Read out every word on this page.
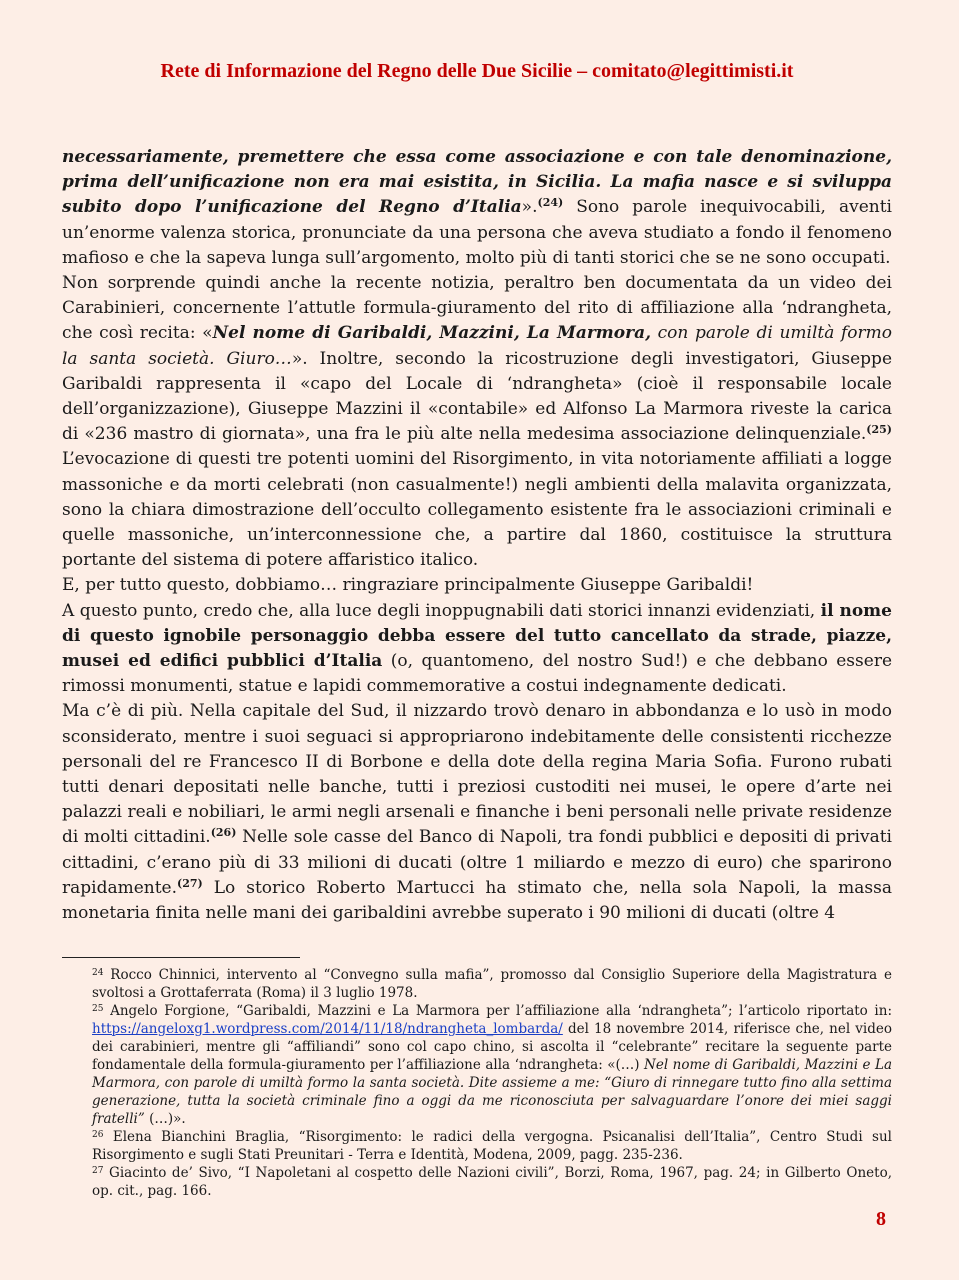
Rete di Informazione del Regno delle Due Sicilie – comitato@legittimisti.it

necessariamente, premettere che essa come associazione e con tale denominazione, prima dell’unificazione non era mai esistita, in Sicilia. La mafia nasce e si sviluppa subito dopo l’unificazione del Regno d’Italia».$^{(24)}$ Sono parole inequivocabili, aventi un’enorme valenza storica, pronunciate da una persona che aveva studiato a fondo il fenomeno mafioso e che la sapeva lunga sull’argomento, molto più di tanti storici che se ne sono occupati.

Non sorprende quindi anche la recente notizia, peraltro ben documentata da un video dei Carabinieri, concernente l’attutle formula-giuramento del rito di affiliazione alla ‘ndrangheta, che così recita: «Nel nome di Garibaldi, Mazzini, La Marmora, con parole di umiltà formo la santa società. Giuro…». Inoltre, secondo la ricostruzione degli investigatori, Giuseppe Garibaldi rappresenta il «capo del Locale di ‘ndrangheta» (cioè il responsabile locale dell’organizzazione), Giuseppe Mazzini il «contabile» ed Alfonso La Marmora riveste la carica di «236 mastro di giornata», una fra le più alte nella medesima associazione delinquenziale.$^{(25)}$ L’evocazione di questi tre potenti uomini del Risorgimento, in vita notoriamente affiliati a logge massoniche e da morti celebrati (non casualmente!) negli ambienti della malavita organizzata, sono la chiara dimostrazione dell’occulto collegamento esistente fra le associazioni criminali e quelle massoniche, un’interconnessione che, a partire dal 1860, costituisce la struttura portante del sistema di potere affaristico italico.

E, per tutto questo, dobbiamo… ringraziare principalmente Giuseppe Garibaldi!

A questo punto, credo che, alla luce degli inoppugnabili dati storici innanzi evidenziati, il nome di questo ignobile personaggio debba essere del tutto cancellato da strade, piazze, musei ed edifici pubblici d’Italia (o, quantomeno, del nostro Sud!) e che debbano essere rimossi monumenti, statue e lapidi commemorative a costui indegnamente dedicati.

Ma c’è di più. Nella capitale del Sud, il nizzardo trovò denaro in abbondanza e lo usò in modo sconsiderato, mentre i suoi seguaci si appropriarono indebitamente delle consistenti ricchezze personali del re Francesco II di Borbone e della dote della regina Maria Sofia. Furono rubati tutti denari depositati nelle banche, tutti i preziosi custoditi nei musei, le opere d’arte nei palazzi reali e nobiliari, le armi negli arsenali e finanche i beni personali nelle private residenze di molti cittadini.$^{(26)}$ Nelle sole casse del Banco di Napoli, tra fondi pubblici e depositi di privati cittadini, c’erano più di 33 milioni di ducati (oltre 1 miliardo e mezzo di euro) che sparirono rapidamente.$^{(27)}$ Lo storico Roberto Martucci ha stimato che, nella sola Napoli, la massa monetaria finita nelle mani dei garibaldini avrebbe superato i 90 milioni di ducati (oltre 4

$^{24}$ Rocco Chinnici, intervento al “Convegno sulla mafia”, promosso dal Consiglio Superiore della Magistratura e svoltosi a Grottaferrata (Roma) il 3 luglio 1978.

$^{25}$ Angelo Forgione, “Garibaldi, Mazzini e La Marmora per l’affiliazione alla ‘ndrangheta”; l’articolo riportato in: https://angeloxg1.wordpress.com/2014/11/18/ndrangheta_lombarda/ del 18 novembre 2014, riferisce che, nel video dei carabinieri, mentre gli “affiliandi” sono col capo chino, si ascolta il “celebrante” recitare la seguente parte fondamentale della formula-giuramento per l’affiliazione alla ‘ndrangheta: «(…) Nel nome di Garibaldi, Mazzini e La Marmora, con parole di umiltà formo la santa società. Dite assieme a me: “Giuro di rinnegare tutto fino alla settima generazione, tutta la società criminale fino a oggi da me riconosciuta per salvaguardare l’onore dei miei saggi fratelli” (…)».

$^{26}$ Elena Bianchini Braglia, “Risorgimento: le radici della vergogna. Psicanalisi dell’Italia”, Centro Studi sul Risorgimento e sugli Stati Preunitari - Terra e Identità, Modena, 2009, pagg. 235-236.

$^{27}$ Giacinto de’ Sivo, “I Napoletani al cospetto delle Nazioni civili”, Borzi, Roma, 1967, pag. 24; in Gilberto Oneto, op. cit., pag. 166.

8
